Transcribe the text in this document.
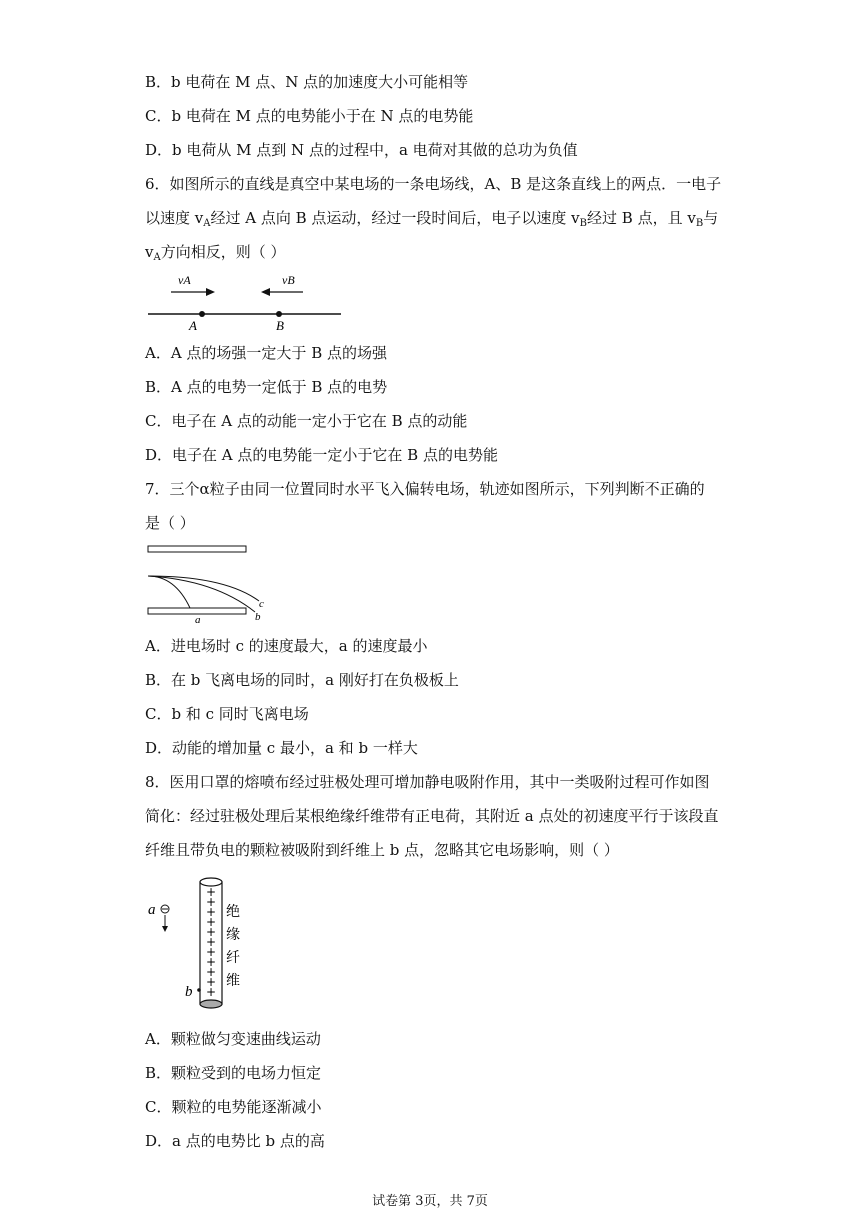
B．b 电荷在 M 点、N 点的加速度大小可能相等
C．b 电荷在 M 点的电势能小于在 N 点的电势能
D．b 电荷从 M 点到 N 点的过程中，a 电荷对其做的总功为负值
6．如图所示的直线是真空中某电场的一条电场线，A、B 是这条直线上的两点．一电子
以速度 $v_A$经过 A 点向 B 点运动，经过一段时间后，电子以速度 $v_B$经过 B 点，且 $v_B$与
$v_A$方向相反，则（ ）
vA	vB
A	B
A．A 点的场强一定大于 B 点的场强
B．A 点的电势一定低于 B 点的电势
C．电子在 A 点的动能一定小于它在 B 点的动能
D．电子在 A 点的电势能一定小于它在 B 点的电势能
7．三个α粒子由同一位置同时水平飞入偏转电场，轨迹如图所示，下列判断不正确的
是（ ）
a	b
c
A．进电场时 c 的速度最大，a 的速度最小
B．在 b 飞离电场的同时，a 刚好打在负极板上
C．b 和 c 同时飞离电场
D．动能的增加量 c 最小，a 和 b 一样大
8．医用口罩的熔喷布经过驻极处理可增加静电吸附作用，其中一类吸附过程可作如图
简化：经过驻极处理后某根绝缘纤维带有正电荷，其附近 a 点处的初速度平行于该段直
纤维且带负电的颗粒被吸附到纤维上 b 点，忽略其它电场影响，则（ ）
+
+
+
+
+
+
+
+
+
+
+
绝
缘
纤
维
a
b
A．颗粒做匀变速曲线运动
B．颗粒受到的电场力恒定
C．颗粒的电势能逐渐减小
D．a 点的电势比 b 点的高
试卷第 3页，共 7页
